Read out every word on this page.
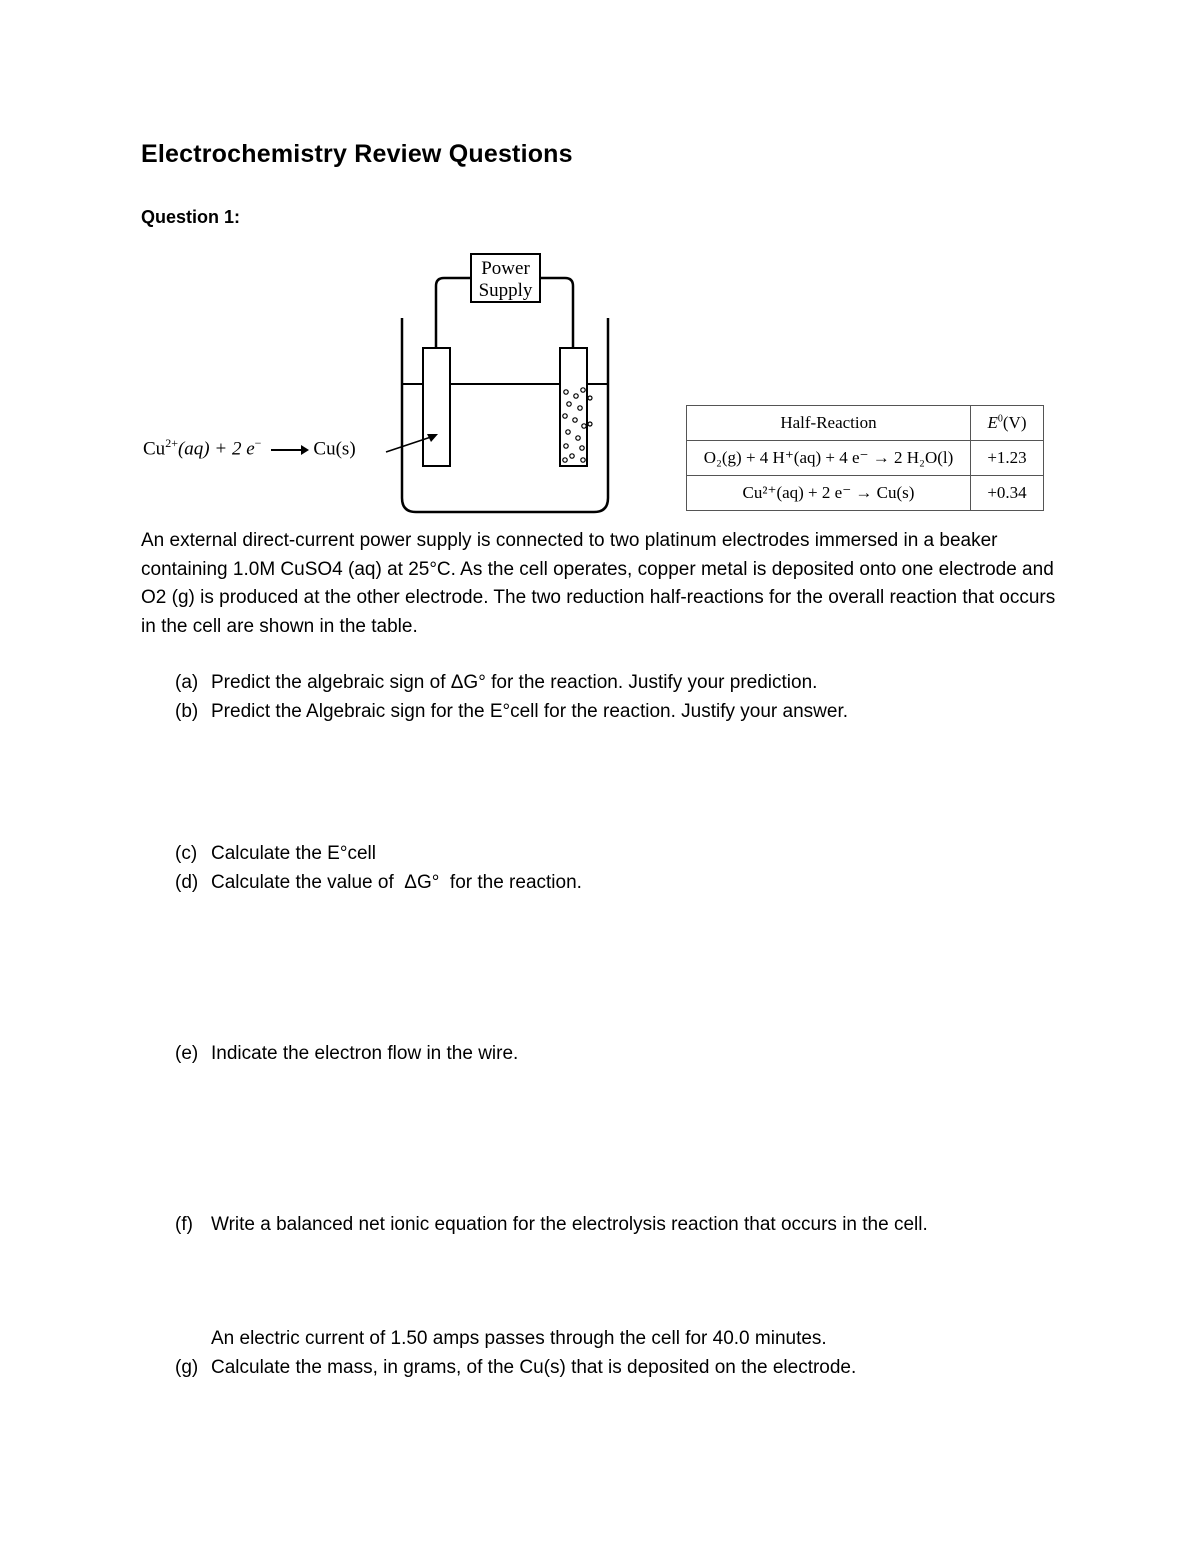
Electrochemistry Review Questions
Question 1:
$Cu^{2+}(aq) + 2$ e− → Cu(s)
Power
Supply
Half-Reaction	$E^0(V)$
O₂(g) + 4 H⁺(aq) + 4 e⁻ → 2 H₂O(l)	+1.23
Cu²⁺(aq) + 2 e⁻ → Cu(s)	+0.34
An external direct-current power supply is connected to two platinum electrodes immersed in a beaker containing 1.0M CuSO4 (aq) at 25°C. As the cell operates, copper metal is deposited onto one electrode and O2 (g) is produced at the other electrode. The two reduction half-reactions for the overall reaction that occurs in the cell are shown in the table.
(a) Predict the algebraic sign of ΔG° for the reaction. Justify your prediction.
(b) Predict the Algebraic sign for the E°cell for the reaction. Justify your answer.
(c) Calculate the E°cell
(d) Calculate the value of  ΔG°  for the reaction.
(e) Indicate the electron flow in the wire.
(f) Write a balanced net ionic equation for the electrolysis reaction that occurs in the cell.
An electric current of 1.50 amps passes through the cell for 40.0 minutes.
(g) Calculate the mass, in grams, of the Cu(s) that is deposited on the electrode.
